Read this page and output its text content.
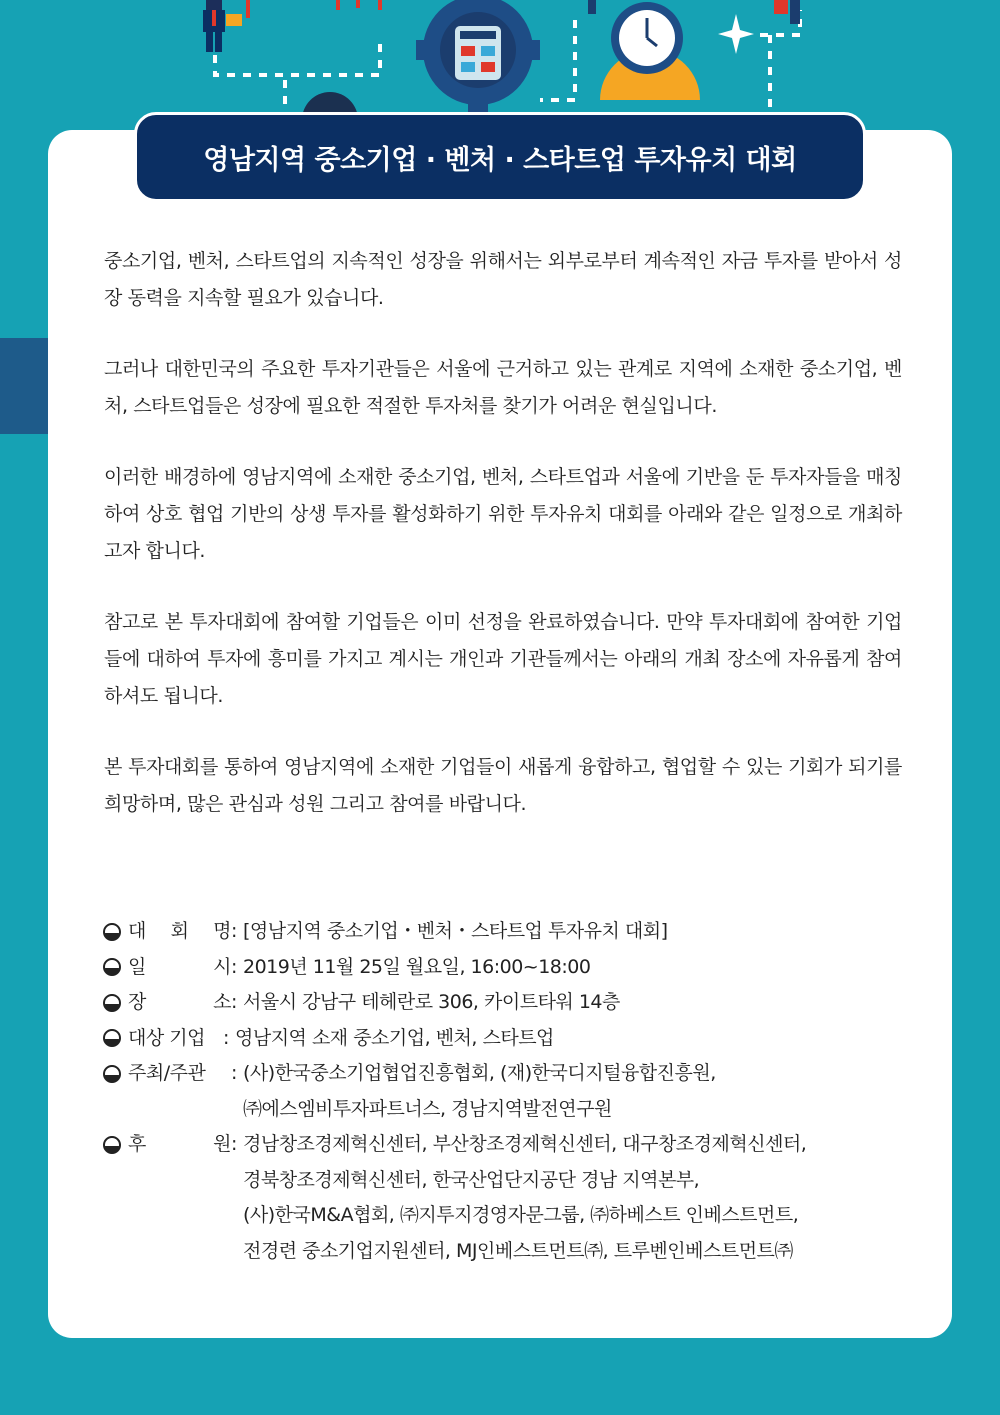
영남지역 중소기업 · 벤처 · 스타트업 투자유치 대회

중소기업, 벤처, 스타트업의 지속적인 성장을 위해서는 외부로부터 계속적인 자금 투자를 받아서 성장 동력을 지속할 필요가 있습니다.

그러나 대한민국의 주요한 투자기관들은 서울에 근거하고 있는 관계로 지역에 소재한 중소기업, 벤처, 스타트업들은 성장에 필요한 적절한 투자처를 찾기가 어려운 현실입니다.

이러한 배경하에 영남지역에 소재한 중소기업, 벤처, 스타트업과 서울에 기반을 둔 투자자들을 매칭하여 상호 협업 기반의 상생 투자를 활성화하기 위한 투자유치 대회를 아래와 같은 일정으로 개최하고자 합니다.

참고로 본 투자대회에 참여할 기업들은 이미 선정을 완료하였습니다. 만약 투자대회에 참여한 기업들에 대하여 투자에 흥미를 가지고 계시는 개인과 기관들께서는 아래의 개최 장소에 자유롭게 참여하셔도 됩니다.

본 투자대회를 통하여 영남지역에 소재한 기업들이 새롭게 융합하고, 협업할 수 있는 기회가 되기를 희망하며, 많은 관심과 성원 그리고 참여를 바랍니다.

대 회 명 : [영남지역 중소기업・벤처・스타트업 투자유치 대회]
일	시 : 2019년 11월 25일 월요일, 16:00~18:00
장	소 : 서울시 강남구 테헤란로 306, 카이트타워 14층
대상 기업 : 영남지역 소재 중소기업, 벤처, 스타트업
주최/주관 : (사)한국중소기업협업진흥협회, (재)한국디지털융합진흥원,
㈜에스엠비투자파트너스, 경남지역발전연구원
후	원 : 경남창조경제혁신센터, 부산창조경제혁신센터, 대구창조경제혁신센터,
경북창조경제혁신센터, 한국산업단지공단 경남 지역본부,
(사)한국M&A협회, ㈜지투지경영자문그룹, ㈜하베스트 인베스트먼트,
전경련 중소기업지원센터, MJ인베스트먼트㈜, 트루벤인베스트먼트㈜
